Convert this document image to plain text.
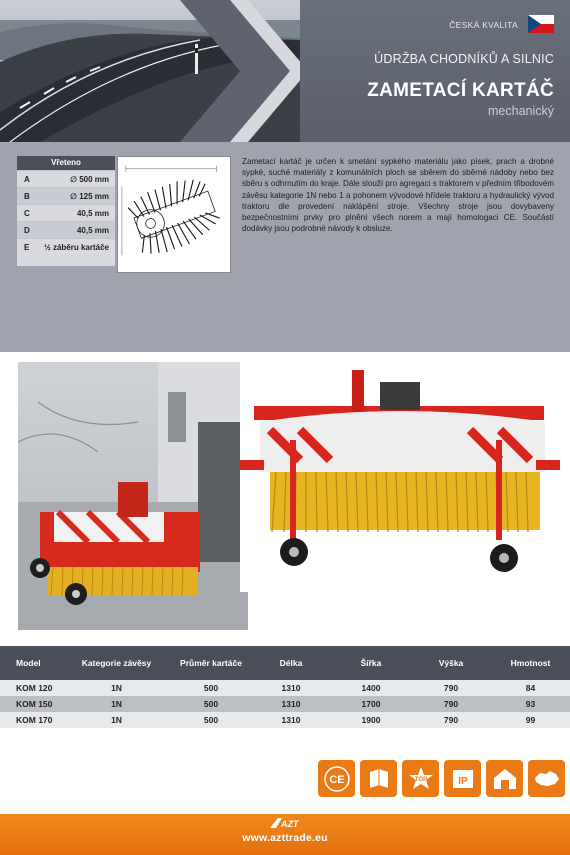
ČESKÁ KVALITA
ÚDRŽBA CHODNÍKŮ A SILNIC
ZAMETACÍ KARTÁČ
mechanický
Vřeteno
A	∅ 500 mm
B	∅ 125 mm
C	40,5 mm
D	40,5 mm
E	½ záběru kartáče
Zametací kartáč je určen k smetání sypkého materiálu jako písek, prach a drobné sypké, suché materiály z komunálních ploch se sběrem do sběrné nádoby nebo bez sběru s odhrnutím do kraje. Dále slouží pro agregaci s traktorem v předním třibodovém závěsu kategorie 1N nebo 1 a pohonem vývodové hřídele traktoru a hydraulický vývod traktoru dle provedení naklápění stroje. Všechny stroje jsou dovybaveny bezpečnostními prvky pro plnění všech norem a mají homologaci CE. Součástí dodávky jsou podrobné návody k obsluze.
Model	Kategorie závěsy	Průměr kartáče	Délka	Šířka	Výška	Hmotnost
KOM 120	1N	500	1310	1400	790	84
KOM 150	1N	500	1310	1700	790	93
KOM 170	1N	500	1310	1900	790	99
CE	TOP	IP
AZT
www.azttrade.eu
